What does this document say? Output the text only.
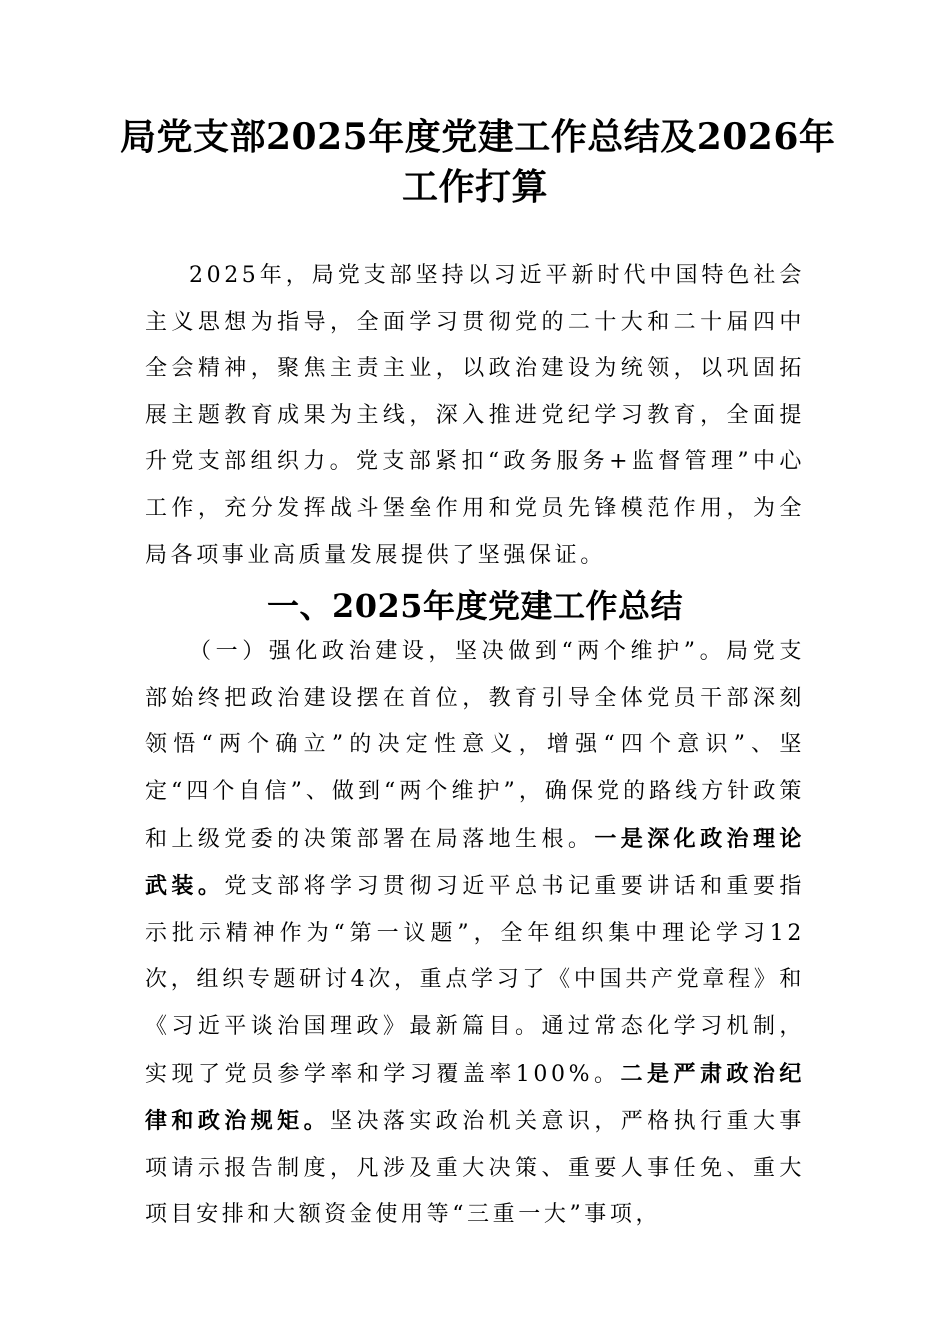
局党支部2025年度党建工作总结及2026年
工作打算

2025年，局党支部坚持以习近平新时代中国特色社会主义思想为指导，全面学习贯彻党的二十大和二十届四中全会精神，聚焦主责主业，以政治建设为统领，以巩固拓展主题教育成果为主线，深入推进党纪学习教育，全面提升党支部组织力。党支部紧扣“政务服务+监督管理”中心工作，充分发挥战斗堡垒作用和党员先锋模范作用，为全局各项事业高质量发展提供了坚强保证。

一、2025年度党建工作总结

（一）强化政治建设，坚决做到“两个维护”。局党支部始终把政治建设摆在首位，教育引导全体党员干部深刻领悟“两个确立”的决定性意义，增强“四个意识”、坚定“四个自信”、做到“两个维护”，确保党的路线方针政策和上级党委的决策部署在局落地生根。一是深化政治理论武装。党支部将学习贯彻习近平总书记重要讲话和重要指示批示精神作为“第一议题”，全年组织集中理论学习12次，组织专题研讨4次，重点学习了《中国共产党章程》和《习近平谈治国理政》最新篇目。通过常态化学习机制，实现了党员参学率和学习覆盖率100%。二是严肃政治纪律和政治规矩。坚决落实政治机关意识，严格执行重大事项请示报告制度，凡涉及重大决策、重要人事任免、重大项目安排和大额资金使用等“三重一大”事项，
